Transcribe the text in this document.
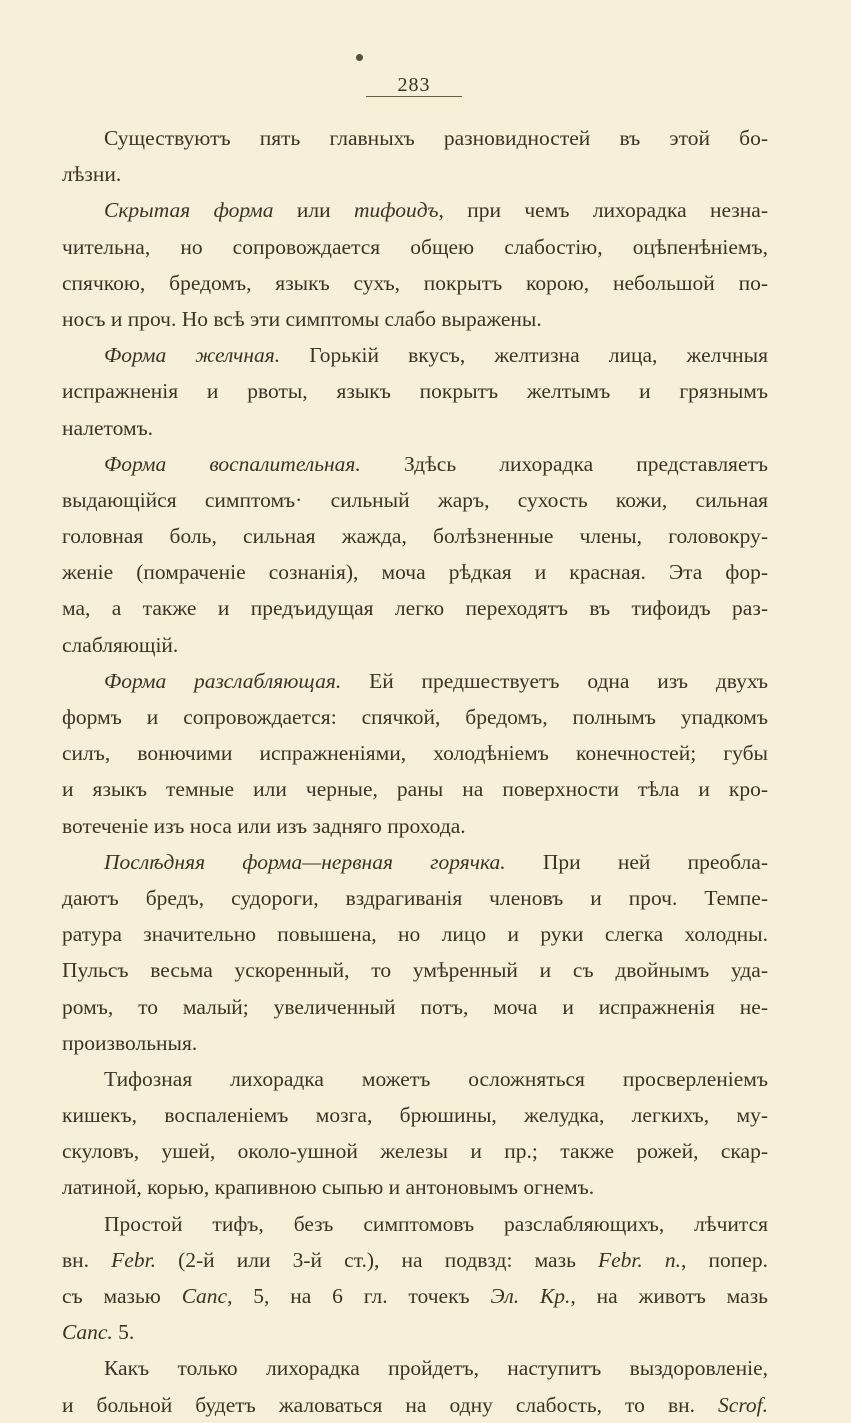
283
Существуютъ пять главныхъ разновидностей въ этой бо-
лѣзни.
Скрытая форма или тифоидъ, при чемъ лихорадка незна-
чительна, но сопровождается общею слабостію, оцѣпенѣніемъ,
спячкою, бредомъ, языкъ сухъ, покрытъ корою, небольшой по-
носъ и проч. Но всѣ эти симптомы слабо выражены.
Форма желчная. Горькій вкусъ, желтизна лица, желчныя
испражненія и рвоты, языкъ покрытъ желтымъ и грязнымъ
налетомъ.
Форма воспалительная. Здѣсь лихорадка представляетъ
выдающійся симптомъ· сильный жаръ, сухость кожи, сильная
головная боль, сильная жажда, болѣзненные члены, головокру-
женіе (помраченіе сознанія), моча рѣдкая и красная. Эта фор-
ма, а также и предъидущая легко переходятъ въ тифоидъ раз-
слабляющій.
Форма разслабляющая. Ей предшествуетъ одна изъ двухъ
формъ и сопровождается: спячкой, бредомъ, полнымъ упадкомъ
силъ, вонючими испражненіями, холодѣніемъ конечностей; губы
и языкъ темные или черные, раны на поверхности тѣла и кро-
вотеченіе изъ носа или изъ задняго прохода.
Послѣдняя форма—нервная горячка. При ней преобла-
даютъ бредъ, судороги, вздрагиванія членовъ и проч. Темпе-
ратура значительно повышена, но лицо и руки слегка холодны.
Пульсъ весьма ускоренный, то умѣренный и съ двойнымъ уда-
ромъ, то малый; увеличенный потъ, моча и испражненія не-
произвольныя.
Тифозная лихорадка можетъ осложняться просверленіемъ
кишекъ, воспаленіемъ мозга, брюшины, желудка, легкихъ, му-
скуловъ, ушей, около-ушной железы и пр.; также рожей, скар-
латиной, корью, крапивною сыпью и антоновымъ огнемъ.
Простой тифъ, безъ симптомовъ разслабляющихъ, лѣчится
вн. Febr. (2-й или 3-й ст.), на подвзд: мазь Febr. n., попер.
съ мазью Canc, 5, на 6 гл. точекъ Эл. Кр., на животъ мазь
Canc. 5.
Какъ только лихорадка пройдетъ, наступитъ выздоровленіе,
и больной будетъ жаловаться на одну слабость, то вн. Scrof.
